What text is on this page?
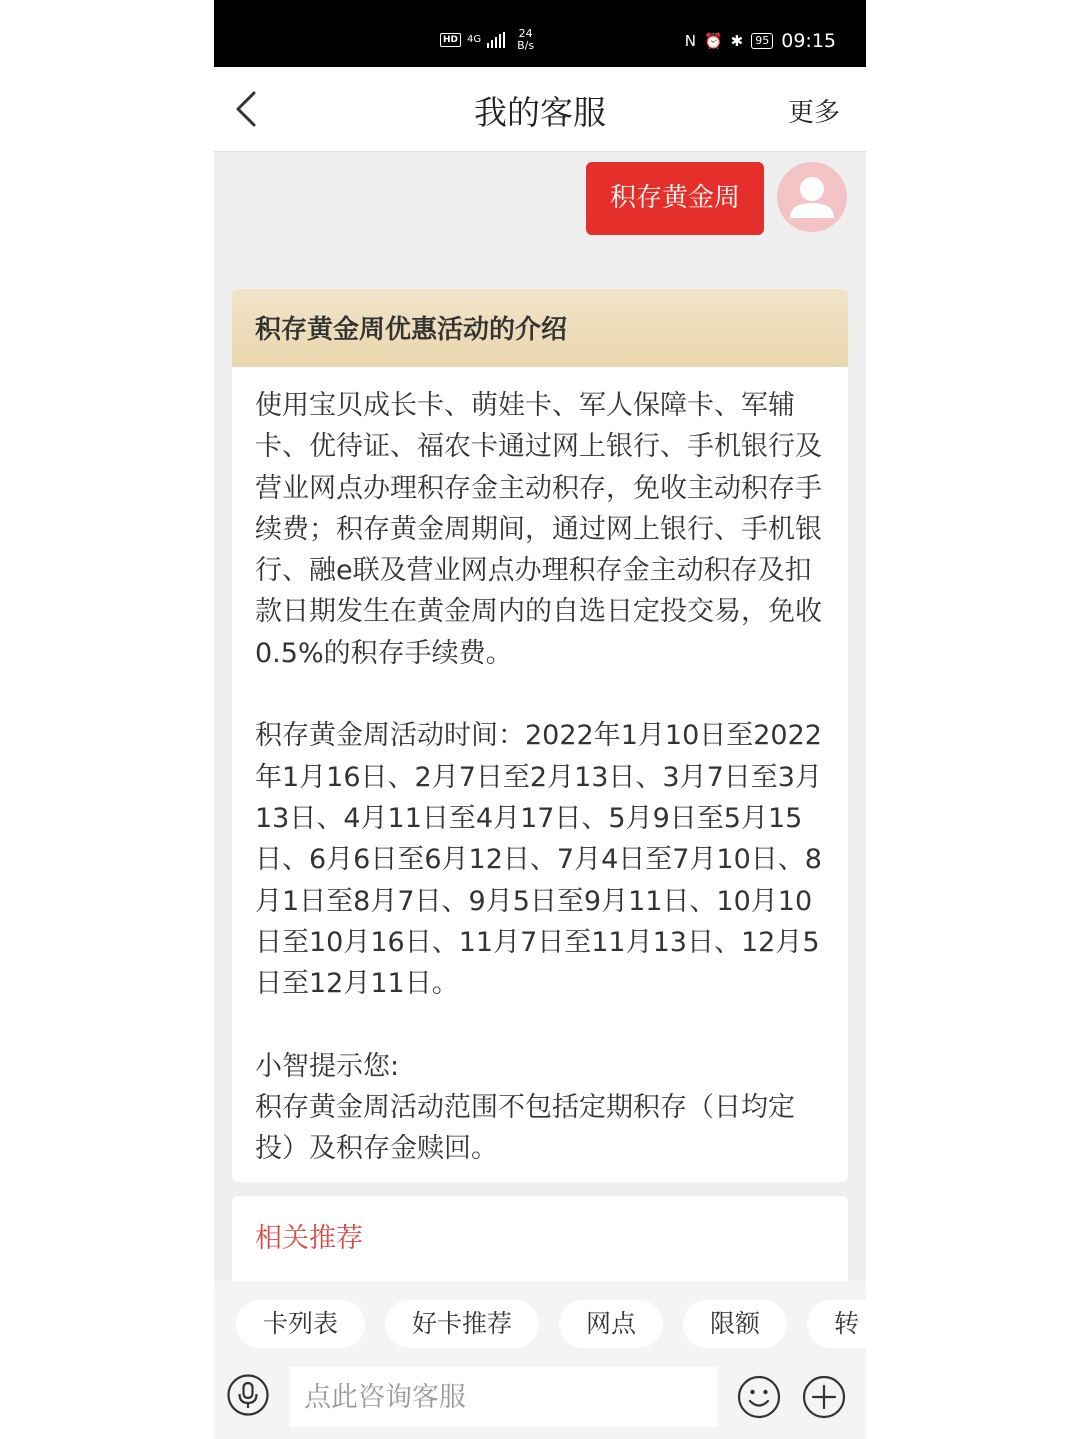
HD 4G	24
B/s	N ⏰ ✱	95 09:15
我的客服	更多
积存黄金周
积存黄金周优惠活动的介绍

使用宝贝成长卡、萌娃卡、军人保障卡、军辅卡、优待证、福农卡通过网上银行、手机银行及营业网点办理积存金主动积存，免收主动积存手续费；积存黄金周期间，通过网上银行、手机银行、融e联及营业网点办理积存金主动积存及扣款日期发生在黄金周内的自选日定投交易，免收0.5%的积存手续费。

积存黄金周活动时间：2022年1月10日至2022年1月16日、2月7日至2月13日、3月7日至3月13日、4月11日至4月17日、5月9日至5月15日、6月6日至6月12日、7月4日至7月10日、8月1日至8月7日、9月5日至9月11日、10月10日至10月16日、11月7日至11月13日、12月5日至12月11日。

小智提示您:
积存黄金周活动范围不包括定期积存（日均定投）及积存金赎回。

相关推荐
卡列表	好卡推荐	网点	限额	转
点此咨询客服
